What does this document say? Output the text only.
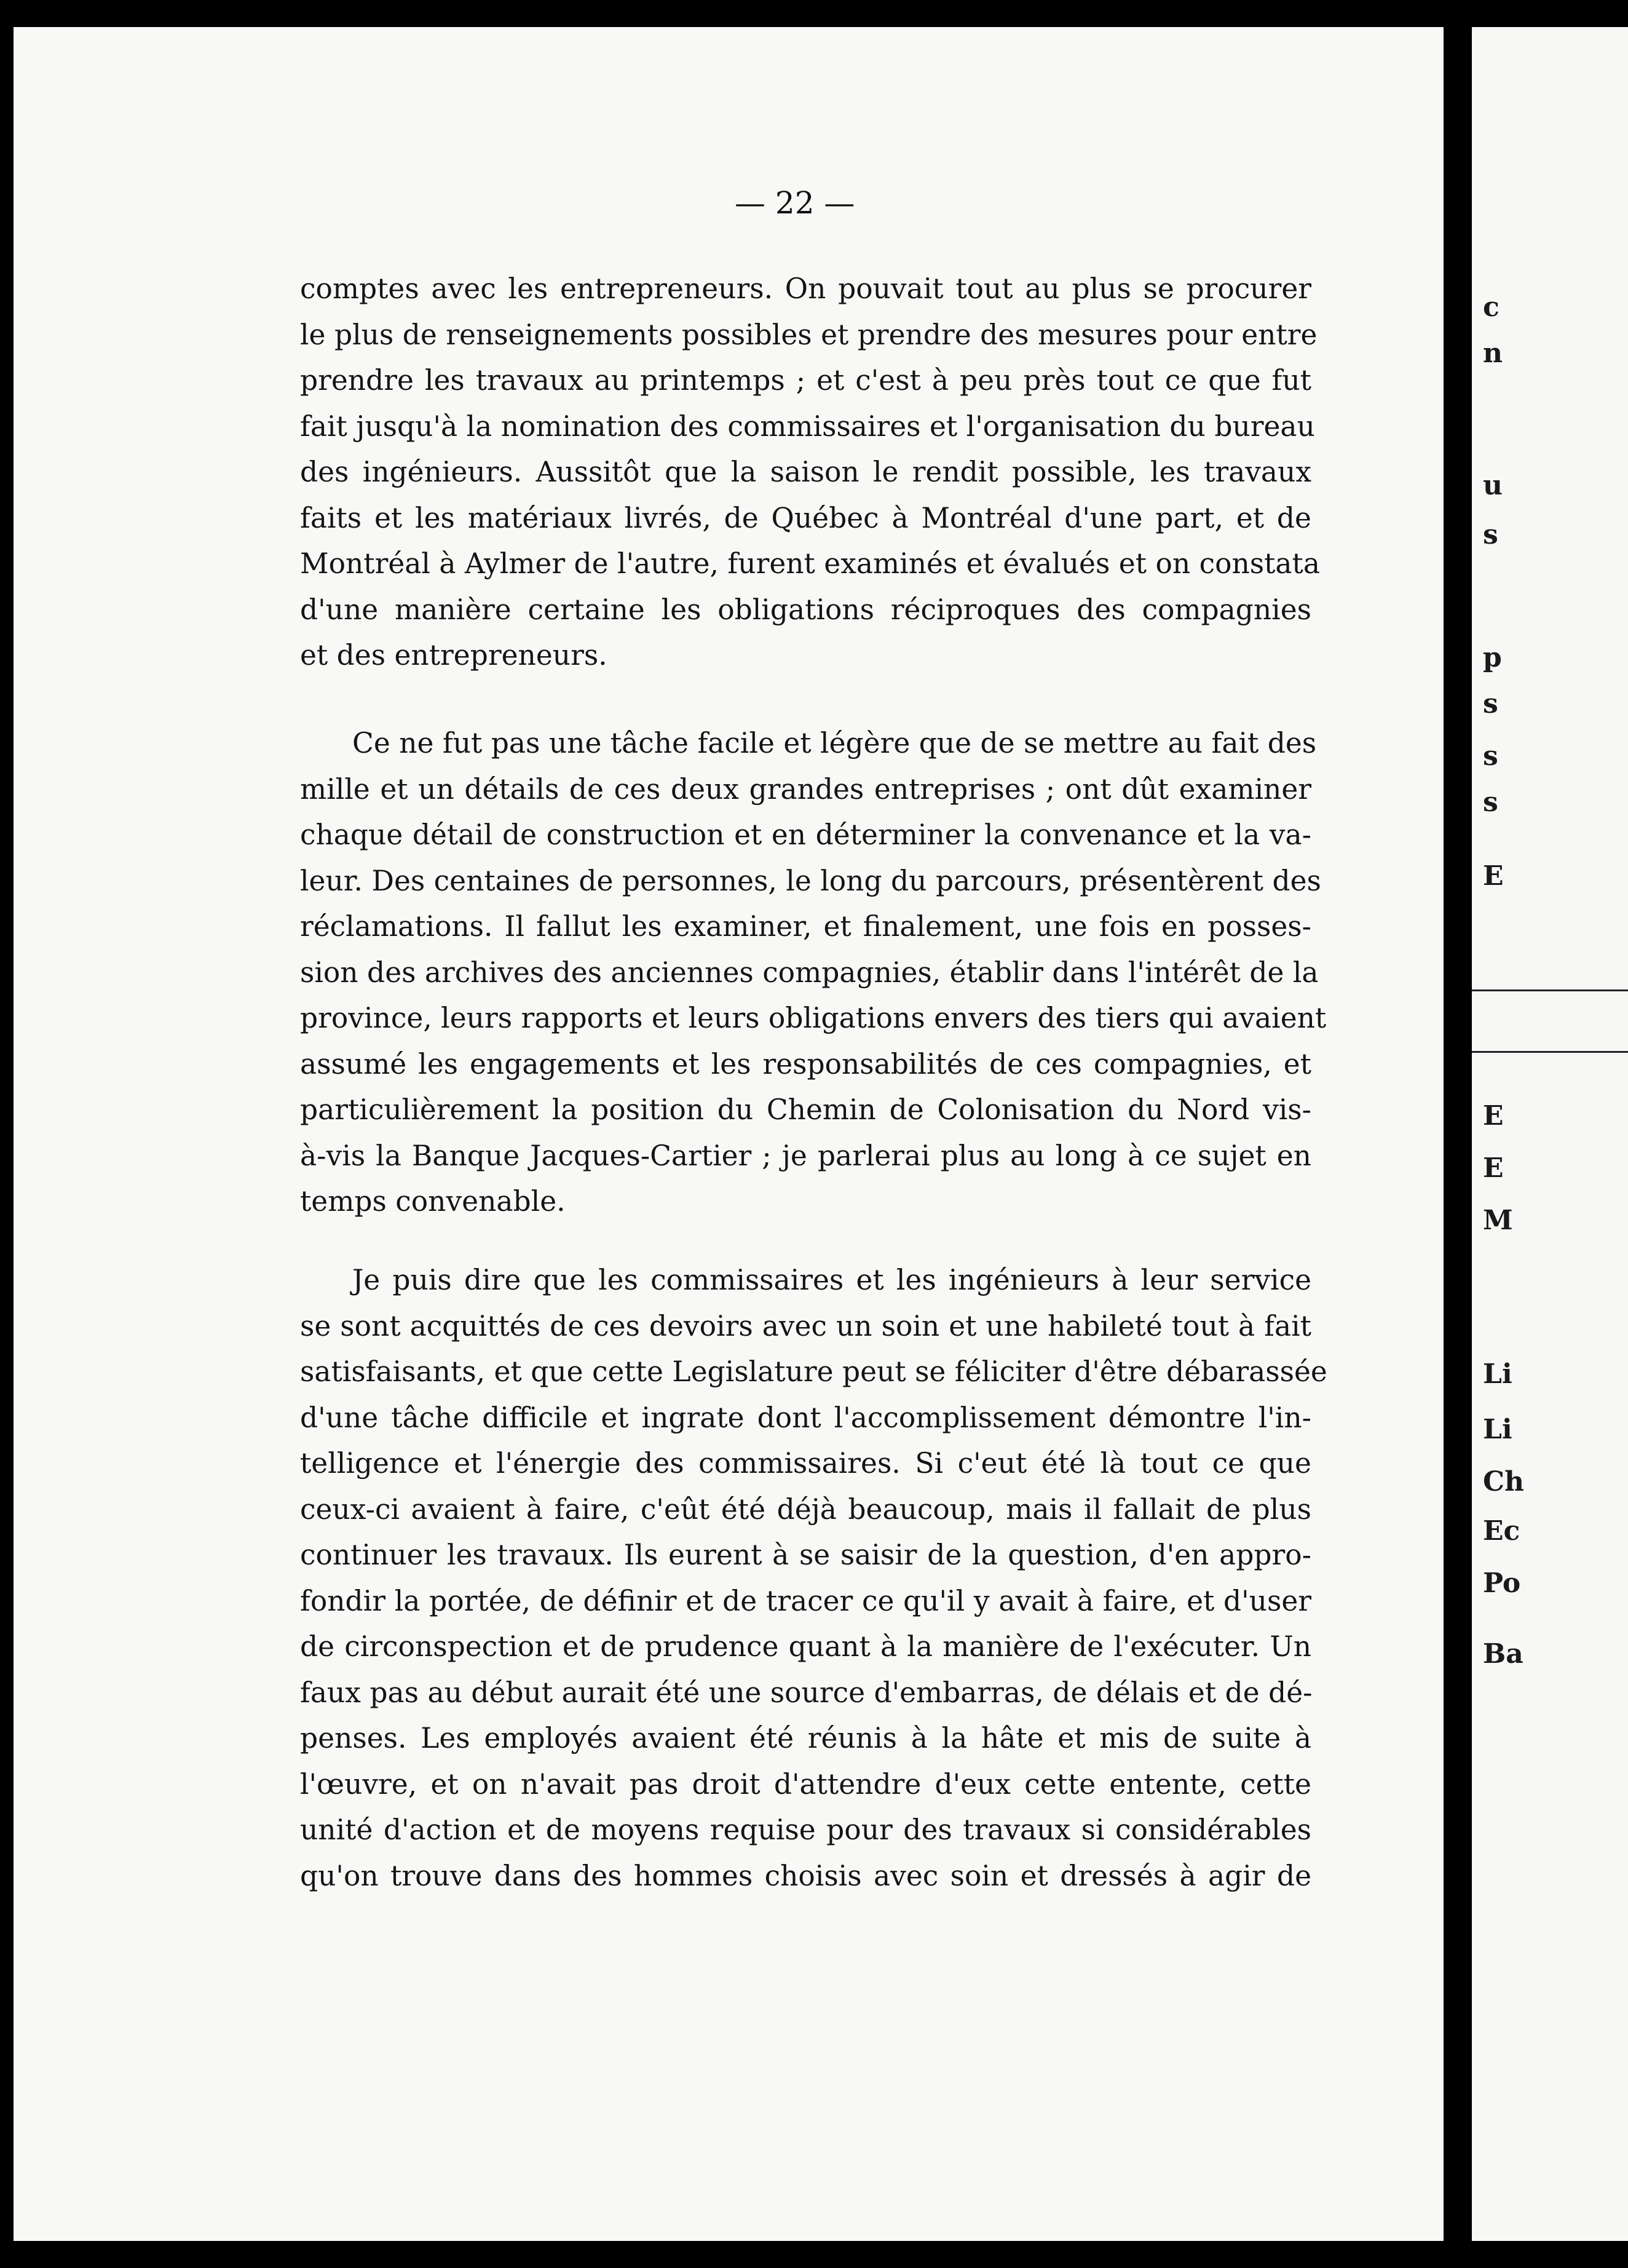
— 22 —

comptes avec les entrepreneurs. On pouvait tout au plus se procurer
le plus de renseignements possibles et prendre des mesures pour entre
prendre les travaux au printemps ; et c'est à peu près tout ce que fut
fait jusqu'à la nomination des commissaires et l'organisation du bureau
des ingénieurs. Aussitôt que la saison le rendit possible, les travaux
faits et les matériaux livrés, de Québec à Montréal d'une part, et de
Montréal à Aylmer de l'autre, furent examinés et évalués et on constata
d'une manière certaine les obligations réciproques des compagnies
et des entrepreneurs.

Ce ne fut pas une tâche facile et légère que de se mettre au fait des
mille et un détails de ces deux grandes entreprises ; ont dût examiner
chaque détail de construction et en déterminer la convenance et la va-
leur. Des centaines de personnes, le long du parcours, présentèrent des
réclamations. Il fallut les examiner, et finalement, une fois en posses-
sion des archives des anciennes compagnies, établir dans l'intérêt de la
province, leurs rapports et leurs obligations envers des tiers qui avaient
assumé les engagements et les responsabilités de ces compagnies, et
particulièrement la position du Chemin de Colonisation du Nord vis-
à-vis la Banque Jacques-Cartier ; je parlerai plus au long à ce sujet en
temps convenable.

Je puis dire que les commissaires et les ingénieurs à leur service
se sont acquittés de ces devoirs avec un soin et une habileté tout à fait
satisfaisants, et que cette Legislature peut se féliciter d'être débarassée
d'une tâche difficile et ingrate dont l'accomplissement démontre l'in-
telligence et l'énergie des commissaires. Si c'eut été là tout ce que
ceux-ci avaient à faire, c'eût été déjà beaucoup, mais il fallait de plus
continuer les travaux. Ils eurent à se saisir de la question, d'en appro-
fondir la portée, de définir et de tracer ce qu'il y avait à faire, et d'user
de circonspection et de prudence quant à la manière de l'exécuter. Un
faux pas au début aurait été une source d'embarras, de délais et de dé-
penses. Les employés avaient été réunis à la hâte et mis de suite à
l'œuvre, et on n'avait pas droit d'attendre d'eux cette entente, cette
unité d'action et de moyens requise pour des travaux si considérables
qu'on trouve dans des hommes choisis avec soin et dressés à agir de

c
n
u
s
p
s
s
s
E
E
E
M
Li
Li
Ch
Ec
Po
Ba
